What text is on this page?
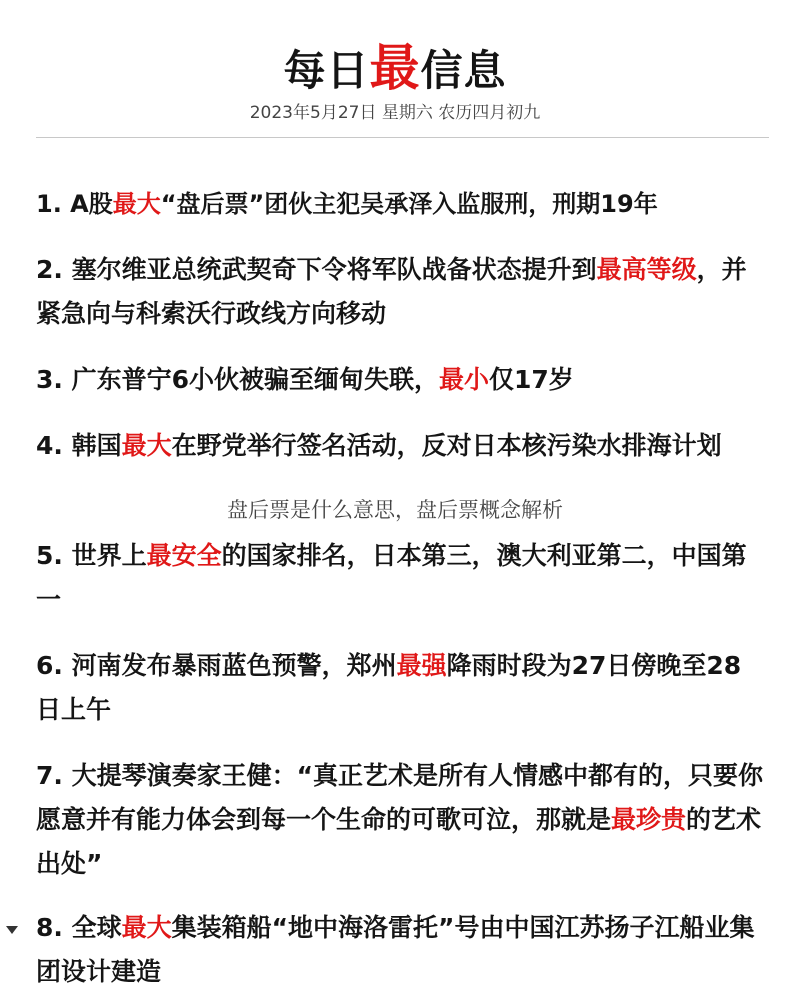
每日最信息
2023年5月27日 星期六 农历四月初九
1. A股最大“盘后票”团伙主犯吴承泽入监服刑，刑期19年
2. 塞尔维亚总统武契奇下令将军队战备状态提升到最高等级，并紧急向与科索沃行政线方向移动
3. 广东普宁6小伙被骗至缅甸失联，最小仅17岁
4. 韩国最大在野党举行签名活动，反对日本核污染水排海计划
5. 世界上最安全的国家排名，日本第三，澳大利亚第二，中国第一
6. 河南发布暴雨蓝色预警，郑州最强降雨时段为27日傍晚至28日上午
7. 大提琴演奏家王健：“真正艺术是所有人情感中都有的，只要你愿意并有能力体会到每一个生命的可歌可泣，那就是最珍贵的艺术出处”
8. 全球最大集装箱船“地中海洛雷托”号由中国江苏扬子江船业集团设计建造
盘后票是什么意思，盘后票概念解析
